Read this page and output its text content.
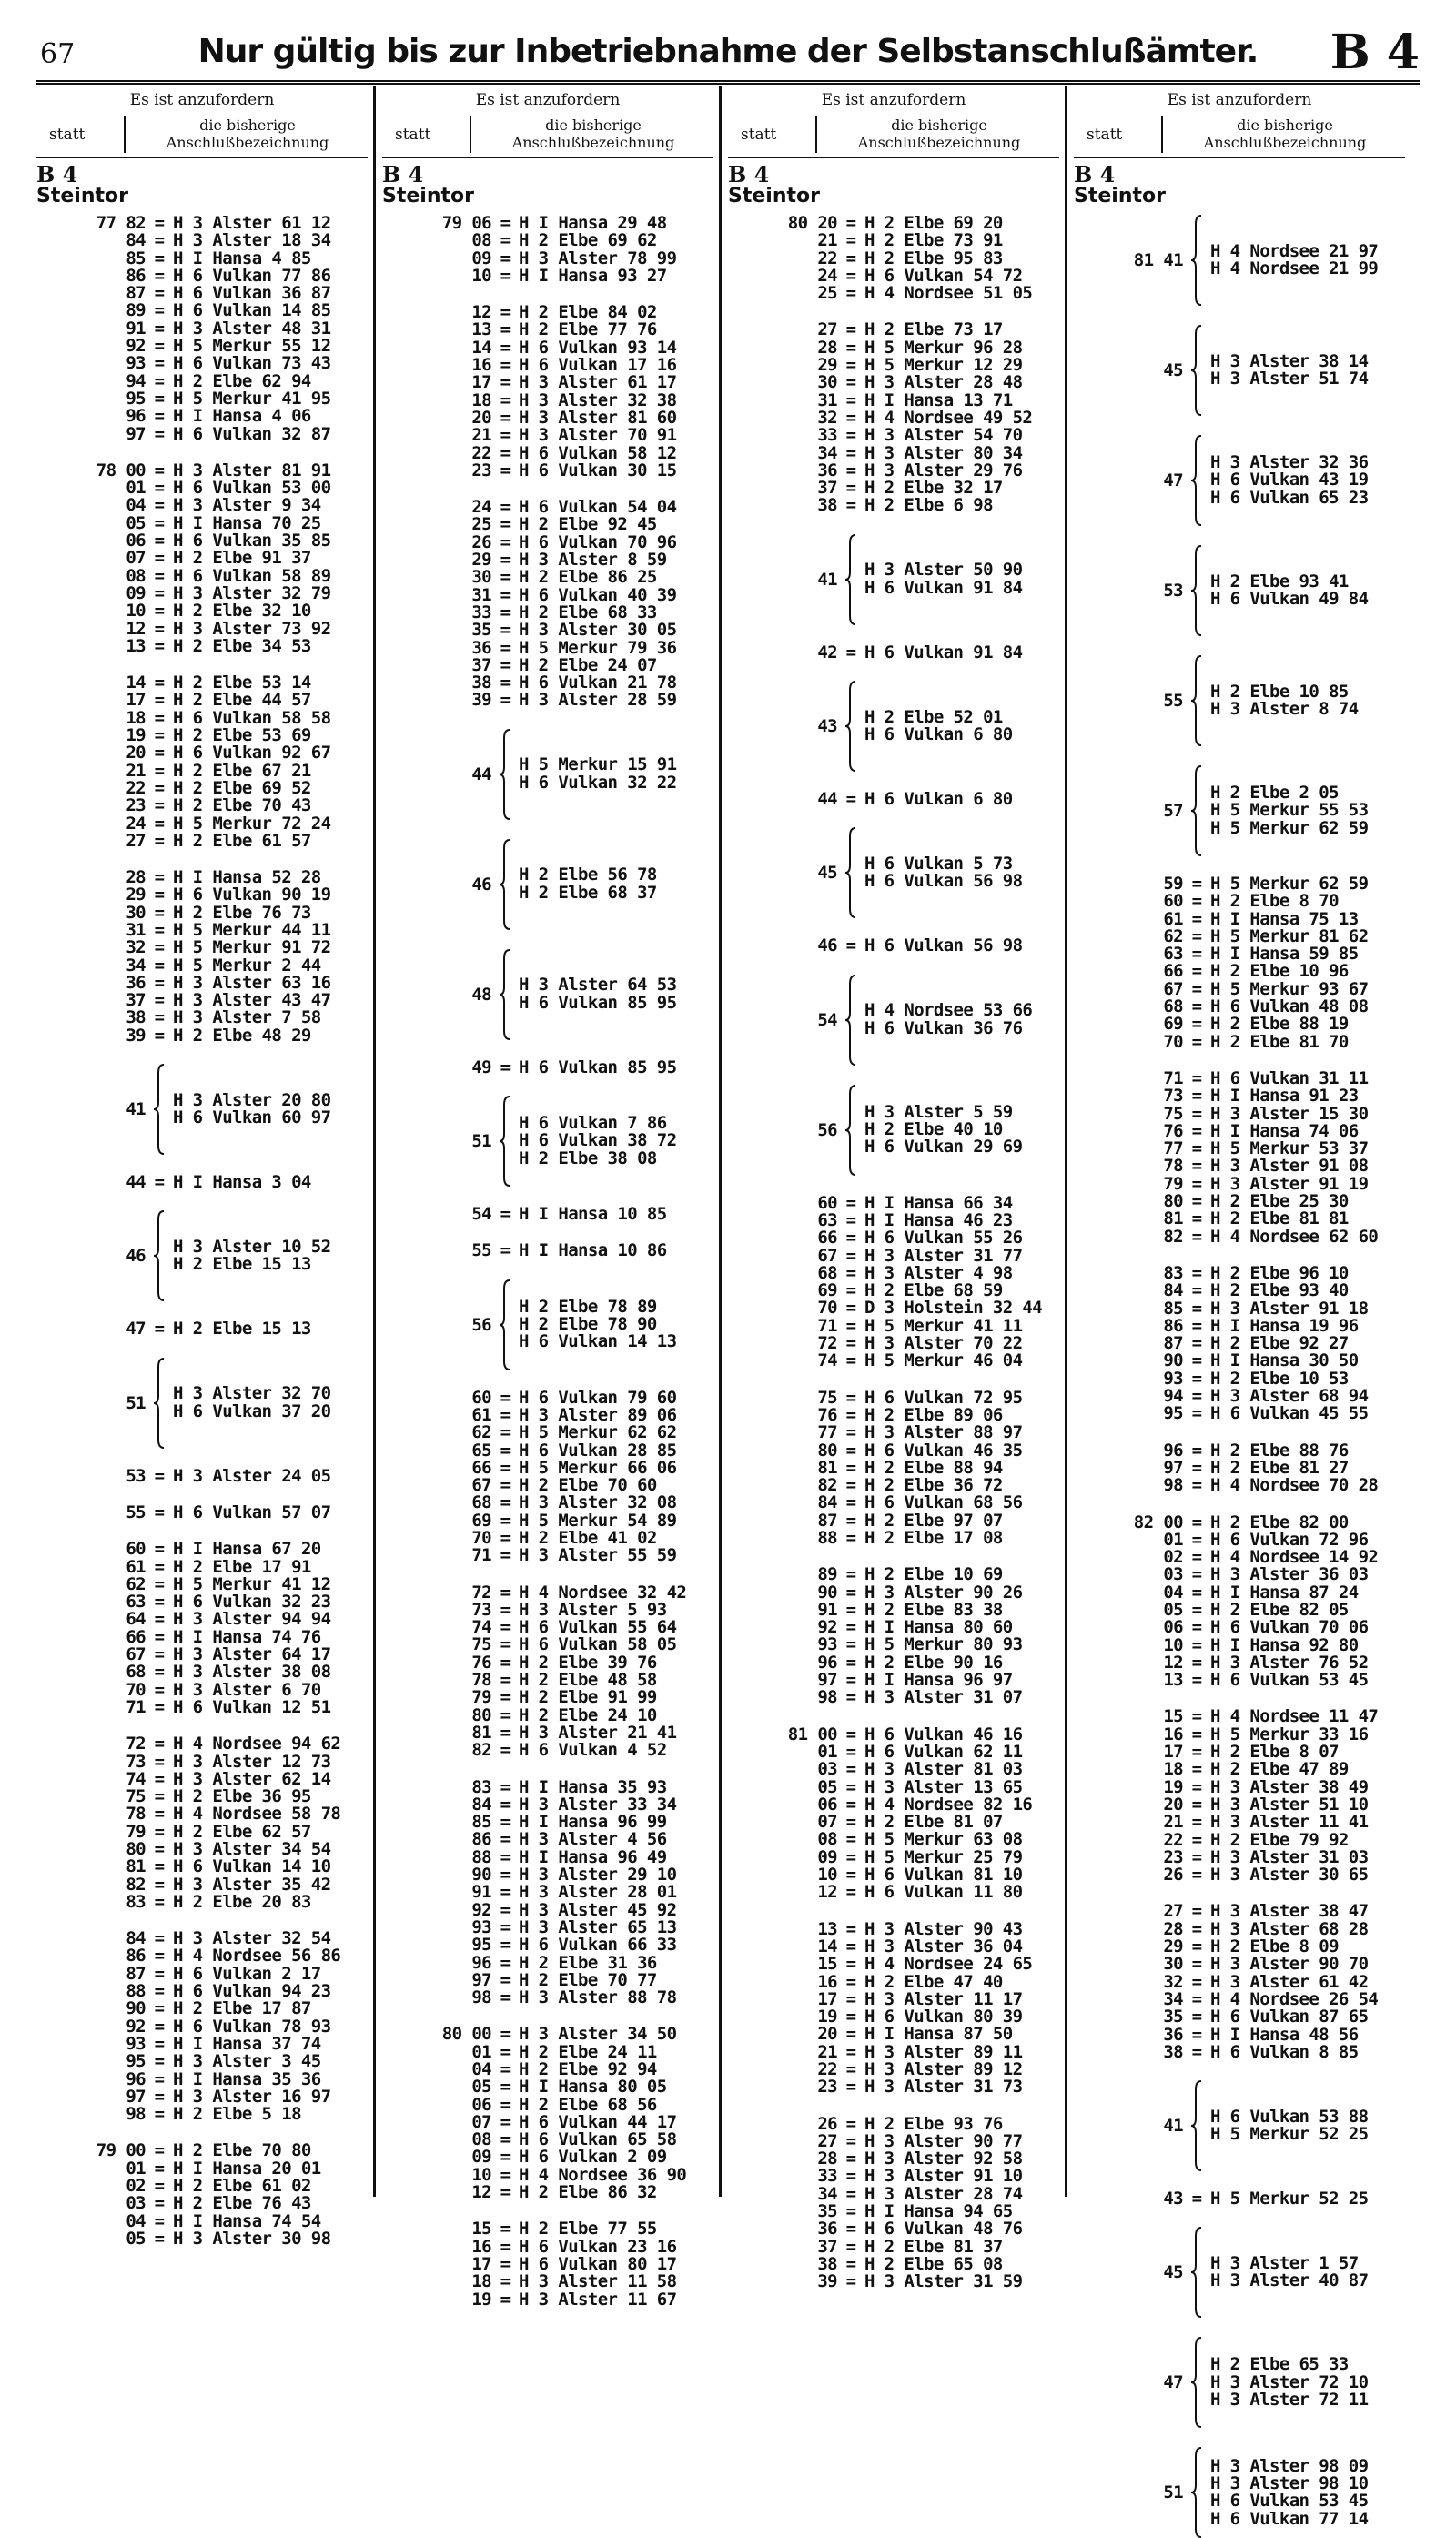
67	Nur gültig bis zur Inbetriebnahme der Selbstanschlußämter.	B 4
Es ist anzufordern
statt
die bisherige
Anschlußbezeichnung
B 4
Steintor
77 82 = H 3 Alster 61 12
84 = H 3 Alster 18 34
85 = H I Hansa 4 85
86 = H 6 Vulkan 77 86
87 = H 6 Vulkan 36 87
89 = H 6 Vulkan 14 85
91 = H 3 Alster 48 31
92 = H 5 Merkur 55 12
93 = H 6 Vulkan 73 43
94 = H 2 Elbe 62 94
95 = H 5 Merkur 41 95
96 = H I Hansa 4 06
97 = H 6 Vulkan 32 87
78 00 = H 3 Alster 81 91
01 = H 6 Vulkan 53 00
04 = H 3 Alster 9 34
05 = H I Hansa 70 25
06 = H 6 Vulkan 35 85
07 = H 2 Elbe 91 37
08 = H 6 Vulkan 58 89
09 = H 3 Alster 32 79
10 = H 2 Elbe 32 10
12 = H 3 Alster 73 92
13 = H 2 Elbe 34 53
14 = H 2 Elbe 53 14
17 = H 2 Elbe 44 57
18 = H 6 Vulkan 58 58
19 = H 2 Elbe 53 69
20 = H 6 Vulkan 92 67
21 = H 2 Elbe 67 21
22 = H 2 Elbe 69 52
23 = H 2 Elbe 70 43
24 = H 5 Merkur 72 24
27 = H 2 Elbe 61 57
28 = H I Hansa 52 28
29 = H 6 Vulkan 90 19
30 = H 2 Elbe 76 73
31 = H 5 Merkur 44 11
32 = H 5 Merkur 91 72
34 = H 5 Merkur 2 44
36 = H 3 Alster 63 16
37 = H 3 Alster 43 47
38 = H 3 Alster 7 58
39 = H 2 Elbe 48 29
41 H 3 Alster 20 80
H 6 Vulkan 60 97
44 = H I Hansa 3 04
46 H 3 Alster 10 52
H 2 Elbe 15 13
47 = H 2 Elbe 15 13
51 H 3 Alster 32 70
H 6 Vulkan 37 20
53 = H 3 Alster 24 05
55 = H 6 Vulkan 57 07
60 = H I Hansa 67 20
61 = H 2 Elbe 17 91
62 = H 5 Merkur 41 12
63 = H 6 Vulkan 32 23
64 = H 3 Alster 94 94
66 = H I Hansa 74 76
67 = H 3 Alster 64 17
68 = H 3 Alster 38 08
70 = H 3 Alster 6 70
71 = H 6 Vulkan 12 51
72 = H 4 Nordsee 94 62
73 = H 3 Alster 12 73
74 = H 3 Alster 62 14
75 = H 2 Elbe 36 95
78 = H 4 Nordsee 58 78
79 = H 2 Elbe 62 57
80 = H 3 Alster 34 54
81 = H 6 Vulkan 14 10
82 = H 3 Alster 35 42
83 = H 2 Elbe 20 83
84 = H 3 Alster 32 54
86 = H 4 Nordsee 56 86
87 = H 6 Vulkan 2 17
88 = H 6 Vulkan 94 23
90 = H 2 Elbe 17 87
92 = H 6 Vulkan 78 93
93 = H I Hansa 37 74
95 = H 3 Alster 3 45
96 = H I Hansa 35 36
97 = H 3 Alster 16 97
98 = H 2 Elbe 5 18
79 00 = H 2 Elbe 70 80
01 = H I Hansa 20 01
02 = H 2 Elbe 61 02
03 = H 2 Elbe 76 43
04 = H I Hansa 74 54
05 = H 3 Alster 30 98
Es ist anzufordern
statt
die bisherige
Anschlußbezeichnung
B 4
Steintor
79 06 = H I Hansa 29 48
08 = H 2 Elbe 69 62
09 = H 3 Alster 78 99
10 = H I Hansa 93 27
12 = H 2 Elbe 84 02
13 = H 2 Elbe 77 76
14 = H 6 Vulkan 93 14
16 = H 6 Vulkan 17 16
17 = H 3 Alster 61 17
18 = H 3 Alster 32 38
20 = H 3 Alster 81 60
21 = H 3 Alster 70 91
22 = H 6 Vulkan 58 12
23 = H 6 Vulkan 30 15
24 = H 6 Vulkan 54 04
25 = H 2 Elbe 92 45
26 = H 6 Vulkan 70 96
29 = H 3 Alster 8 59
30 = H 2 Elbe 86 25
31 = H 6 Vulkan 40 39
33 = H 2 Elbe 68 33
35 = H 3 Alster 30 05
36 = H 5 Merkur 79 36
37 = H 2 Elbe 24 07
38 = H 6 Vulkan 21 78
39 = H 3 Alster 28 59
44 H 5 Merkur 15 91
H 6 Vulkan 32 22
46 H 2 Elbe 56 78
H 2 Elbe 68 37
48 H 3 Alster 64 53
H 6 Vulkan 85 95
49 = H 6 Vulkan 85 95
51
H 6 Vulkan 7 86
H 6 Vulkan 38 72
H 2 Elbe 38 08
54 = H I Hansa 10 85
55 = H I Hansa 10 86
56
H 2 Elbe 78 89
H 2 Elbe 78 90
H 6 Vulkan 14 13
60 = H 6 Vulkan 79 60
61 = H 3 Alster 89 06
62 = H 5 Merkur 62 62
65 = H 6 Vulkan 28 85
66 = H 5 Merkur 66 06
67 = H 2 Elbe 70 60
68 = H 3 Alster 32 08
69 = H 5 Merkur 54 89
70 = H 2 Elbe 41 02
71 = H 3 Alster 55 59
72 = H 4 Nordsee 32 42
73 = H 3 Alster 5 93
74 = H 6 Vulkan 55 64
75 = H 6 Vulkan 58 05
76 = H 2 Elbe 39 76
78 = H 2 Elbe 48 58
79 = H 2 Elbe 91 99
80 = H 2 Elbe 24 10
81 = H 3 Alster 21 41
82 = H 6 Vulkan 4 52
83 = H I Hansa 35 93
84 = H 3 Alster 33 34
85 = H I Hansa 96 99
86 = H 3 Alster 4 56
88 = H I Hansa 96 49
90 = H 3 Alster 29 10
91 = H 3 Alster 28 01
92 = H 3 Alster 45 92
93 = H 3 Alster 65 13
95 = H 6 Vulkan 66 33
96 = H 2 Elbe 31 36
97 = H 2 Elbe 70 77
98 = H 3 Alster 88 78
80 00 = H 3 Alster 34 50
01 = H 2 Elbe 24 11
04 = H 2 Elbe 92 94
05 = H I Hansa 80 05
06 = H 2 Elbe 68 56
07 = H 6 Vulkan 44 17
08 = H 6 Vulkan 65 58
09 = H 6 Vulkan 2 09
10 = H 4 Nordsee 36 90
12 = H 2 Elbe 86 32
15 = H 2 Elbe 77 55
16 = H 6 Vulkan 23 16
17 = H 6 Vulkan 80 17
18 = H 3 Alster 11 58
19 = H 3 Alster 11 67
Es ist anzufordern
statt
die bisherige
Anschlußbezeichnung
B 4
Steintor
80 20 = H 2 Elbe 69 20
21 = H 2 Elbe 73 91
22 = H 2 Elbe 95 83
24 = H 6 Vulkan 54 72
25 = H 4 Nordsee 51 05
27 = H 2 Elbe 73 17
28 = H 5 Merkur 96 28
29 = H 5 Merkur 12 29
30 = H 3 Alster 28 48
31 = H I Hansa 13 71
32 = H 4 Nordsee 49 52
33 = H 3 Alster 54 70
34 = H 3 Alster 80 34
36 = H 3 Alster 29 76
37 = H 2 Elbe 32 17
38 = H 2 Elbe 6 98
41 H 3 Alster 50 90
H 6 Vulkan 91 84
42 = H 6 Vulkan 91 84
43 H 2 Elbe 52 01
H 6 Vulkan 6 80
44 = H 6 Vulkan 6 80
45 H 6 Vulkan 5 73
H 6 Vulkan 56 98
46 = H 6 Vulkan 56 98
54 H 4 Nordsee 53 66
H 6 Vulkan 36 76
56
H 3 Alster 5 59
H 2 Elbe 40 10
H 6 Vulkan 29 69
60 = H I Hansa 66 34
63 = H I Hansa 46 23
66 = H 6 Vulkan 55 26
67 = H 3 Alster 31 77
68 = H 3 Alster 4 98
69 = H 2 Elbe 68 59
70 = D 3 Holstein 32 44
71 = H 5 Merkur 41 11
72 = H 3 Alster 70 22
74 = H 5 Merkur 46 04
75 = H 6 Vulkan 72 95
76 = H 2 Elbe 89 06
77 = H 3 Alster 88 97
80 = H 6 Vulkan 46 35
81 = H 2 Elbe 88 94
82 = H 2 Elbe 36 72
84 = H 6 Vulkan 68 56
87 = H 2 Elbe 97 07
88 = H 2 Elbe 17 08
89 = H 2 Elbe 10 69
90 = H 3 Alster 90 26
91 = H 2 Elbe 83 38
92 = H I Hansa 80 60
93 = H 5 Merkur 80 93
96 = H 2 Elbe 90 16
97 = H I Hansa 96 97
98 = H 3 Alster 31 07
81 00 = H 6 Vulkan 46 16
01 = H 6 Vulkan 62 11
03 = H 3 Alster 81 03
05 = H 3 Alster 13 65
06 = H 4 Nordsee 82 16
07 = H 2 Elbe 81 07
08 = H 5 Merkur 63 08
09 = H 5 Merkur 25 79
10 = H 6 Vulkan 81 10
12 = H 6 Vulkan 11 80
13 = H 3 Alster 90 43
14 = H 3 Alster 36 04
15 = H 4 Nordsee 24 65
16 = H 2 Elbe 47 40
17 = H 3 Alster 11 17
19 = H 6 Vulkan 80 39
20 = H I Hansa 87 50
21 = H 3 Alster 89 11
22 = H 3 Alster 89 12
23 = H 3 Alster 31 73
26 = H 2 Elbe 93 76
27 = H 3 Alster 90 77
28 = H 3 Alster 92 58
33 = H 3 Alster 91 10
34 = H 3 Alster 28 74
35 = H I Hansa 94 65
36 = H 6 Vulkan 48 76
37 = H 2 Elbe 81 37
38 = H 2 Elbe 65 08
39 = H 3 Alster 31 59
Es ist anzufordern
statt
die bisherige
Anschlußbezeichnung
B 4
Steintor
81 41 H 4 Nordsee 21 97
H 4 Nordsee 21 99
45 H 3 Alster 38 14
H 3 Alster 51 74
47
H 3 Alster 32 36
H 6 Vulkan 43 19
H 6 Vulkan 65 23
53 H 2 Elbe 93 41
H 6 Vulkan 49 84
55 H 2 Elbe 10 85
H 3 Alster 8 74
57
H 2 Elbe 2 05
H 5 Merkur 55 53
H 5 Merkur 62 59
59 = H 5 Merkur 62 59
60 = H 2 Elbe 8 70
61 = H I Hansa 75 13
62 = H 5 Merkur 81 62
63 = H I Hansa 59 85
66 = H 2 Elbe 10 96
67 = H 5 Merkur 93 67
68 = H 6 Vulkan 48 08
69 = H 2 Elbe 88 19
70 = H 2 Elbe 81 70
71 = H 6 Vulkan 31 11
73 = H I Hansa 91 23
75 = H 3 Alster 15 30
76 = H I Hansa 74 06
77 = H 5 Merkur 53 37
78 = H 3 Alster 91 08
79 = H 3 Alster 91 19
80 = H 2 Elbe 25 30
81 = H 2 Elbe 81 81
82 = H 4 Nordsee 62 60
83 = H 2 Elbe 96 10
84 = H 2 Elbe 93 40
85 = H 3 Alster 91 18
86 = H I Hansa 19 96
87 = H 2 Elbe 92 27
90 = H I Hansa 30 50
93 = H 2 Elbe 10 53
94 = H 3 Alster 68 94
95 = H 6 Vulkan 45 55
96 = H 2 Elbe 88 76
97 = H 2 Elbe 81 27
98 = H 4 Nordsee 70 28
82 00 = H 2 Elbe 82 00
01 = H 6 Vulkan 72 96
02 = H 4 Nordsee 14 92
03 = H 3 Alster 36 03
04 = H I Hansa 87 24
05 = H 2 Elbe 82 05
06 = H 6 Vulkan 70 06
10 = H I Hansa 92 80
12 = H 3 Alster 76 52
13 = H 6 Vulkan 53 45
15 = H 4 Nordsee 11 47
16 = H 5 Merkur 33 16
17 = H 2 Elbe 8 07
18 = H 2 Elbe 47 89
19 = H 3 Alster 38 49
20 = H 3 Alster 51 10
21 = H 3 Alster 11 41
22 = H 2 Elbe 79 92
23 = H 3 Alster 31 03
26 = H 3 Alster 30 65
27 = H 3 Alster 38 47
28 = H 3 Alster 68 28
29 = H 2 Elbe 8 09
30 = H 3 Alster 90 70
32 = H 3 Alster 61 42
34 = H 4 Nordsee 26 54
35 = H 6 Vulkan 87 65
36 = H I Hansa 48 56
38 = H 6 Vulkan 8 85
41 H 6 Vulkan 53 88
H 5 Merkur 52 25
43 = H 5 Merkur 52 25
45 H 3 Alster 1 57
H 3 Alster 40 87
47
H 2 Elbe 65 33
H 3 Alster 72 10
H 3 Alster 72 11
51
H 3 Alster 98 09
H 3 Alster 98 10
H 6 Vulkan 53 45
H 6 Vulkan 77 14
